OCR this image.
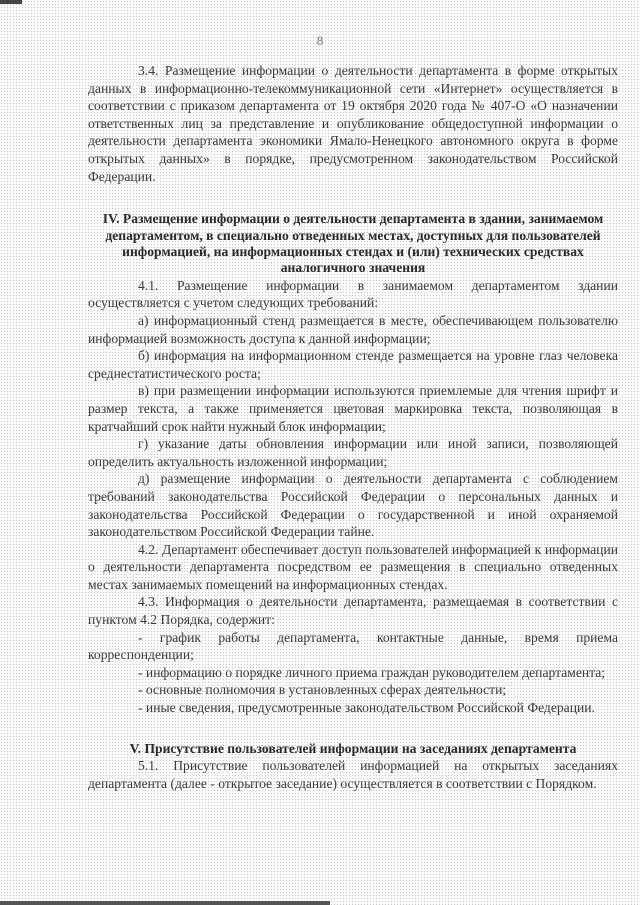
8

3.4. Размещение информации о деятельности департамента в форме открытых данных в информационно-телекоммуникационной сети «Интернет» осуществляется в соответствии с приказом департамента от 19 октября 2020 года № 407-О «О назначении ответственных лиц за представление и опубликование общедоступной информации о деятельности департамента экономики Ямало-Ненецкого автономного округа в форме открытых данных» в порядке, предусмотренном законодательством Российской Федерации.

IV. Размещение информации о деятельности департамента в здании, занимаемом департаментом, в специально отведенных местах, доступных для пользователей информацией, на информационных стендах и (или) технических средствах аналогичного значения

4.1. Размещение информации в занимаемом департаментом здании осуществляется с учетом следующих требований:

а) информационный стенд размещается в месте, обеспечивающем пользователю информацией возможность доступа к данной информации;

б) информация на информационном стенде размещается на уровне глаз человека среднестатистического роста;

в) при размещении информации используются приемлемые для чтения шрифт и размер текста, а также применяется цветовая маркировка текста, позволяющая в кратчайший срок найти нужный блок информации;

г) указание даты обновления информации или иной записи, позволяющей определить актуальность изложенной информации;

д) размещение информации о деятельности департамента с соблюдением требований законодательства Российской Федерации о персональных данных и законодательства Российской Федерации о государственной и иной охраняемой законодательством Российской Федерации тайне.

4.2. Департамент обеспечивает доступ пользователей информацией к информации о деятельности департамента посредством ее размещения в специально отведенных местах занимаемых помещений на информационных стендах.

4.3. Информация о деятельности департамента, размещаемая в соответствии с пунктом 4.2 Порядка, содержит:

- график работы департамента, контактные данные, время приема корреспонденции;

- информацию о порядке личного приема граждан руководителем департамента;

- основные полномочия в установленных сферах деятельности;

- иные сведения, предусмотренные законодательством Российской Федерации.

V. Присутствие пользователей информации на заседаниях департамента

5.1. Присутствие пользователей информацией на открытых заседаниях департамента (далее - открытое заседание) осуществляется в соответствии с Порядком.
